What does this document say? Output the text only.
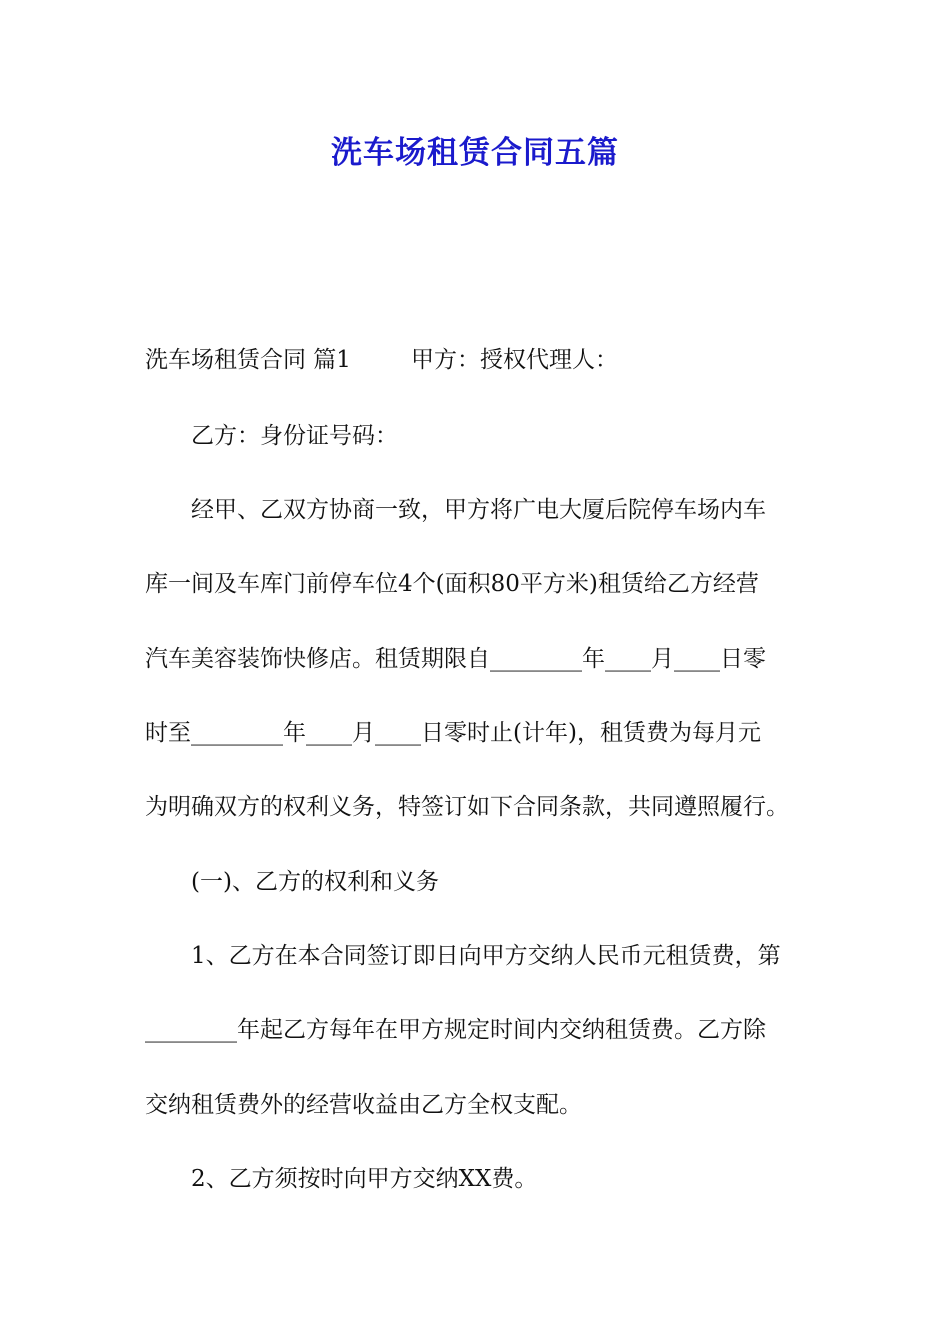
洗车场租赁合同五篇

洗车场租赁合同 篇1	甲方：授权代理人：

乙方：身份证号码：

经甲、乙双方协商一致，甲方将广电大厦后院停车场内车

库一间及车库门前停车位4个(面积80平方米)租赁给乙方经营

汽车美容装饰快修店。租赁期限自________年____月____日零

时至________年____月____日零时止(计年)，租赁费为每月元

为明确双方的权利义务，特签订如下合同条款，共同遵照履行。

(一)、乙方的权利和义务

1、乙方在本合同签订即日向甲方交纳人民币元租赁费，第

________年起乙方每年在甲方规定时间内交纳租赁费。乙方除

交纳租赁费外的经营收益由乙方全权支配。

2、乙方须按时向甲方交纳XX费。
